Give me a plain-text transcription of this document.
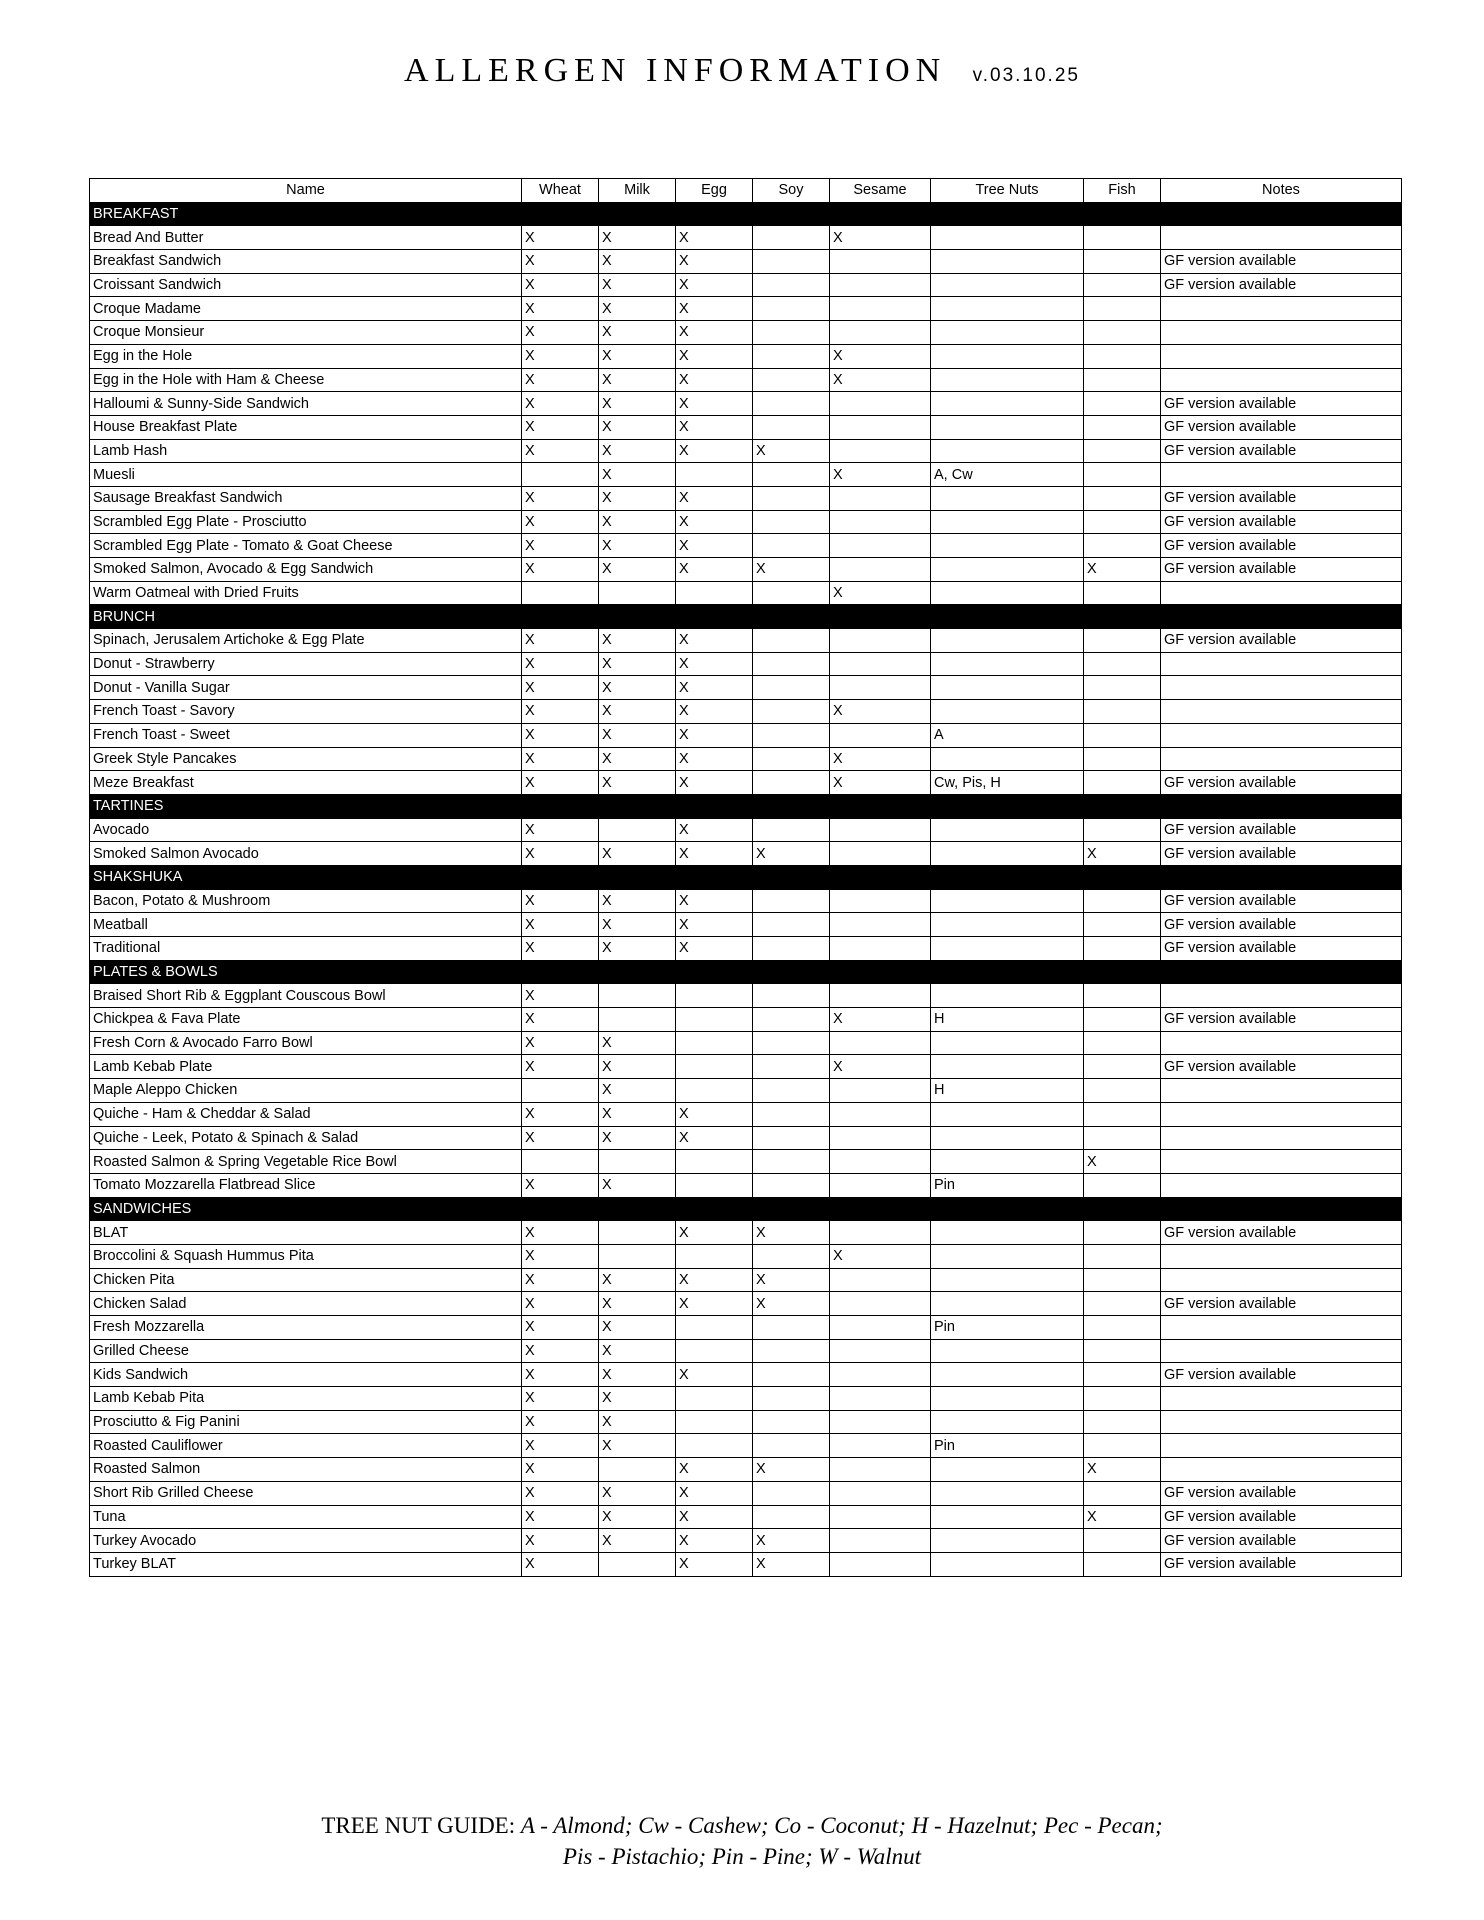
ALLERGEN INFORMATION v.03.10.25
Name	Wheat	Milk	Egg	Soy	Sesame	Tree Nuts	Fish	Notes
BREAKFAST								
Bread And Butter	X	X	X		X			
Breakfast Sandwich	X	X	X					GF version available
Croissant Sandwich	X	X	X					GF version available
Croque Madame	X	X	X					
Croque Monsieur	X	X	X					
Egg in the Hole	X	X	X		X			
Egg in the Hole with Ham & Cheese	X	X	X		X			
Halloumi & Sunny-Side Sandwich	X	X	X					GF version available
House Breakfast Plate	X	X	X					GF version available
Lamb Hash	X	X	X	X				GF version available
Muesli		X			X	A, Cw		
Sausage Breakfast Sandwich	X	X	X					GF version available
Scrambled Egg Plate - Prosciutto	X	X	X					GF version available
Scrambled Egg Plate - Tomato & Goat Cheese	X	X	X					GF version available
Smoked Salmon, Avocado & Egg Sandwich	X	X	X	X			X	GF version available
Warm Oatmeal with Dried Fruits					X			
BRUNCH								
Spinach, Jerusalem Artichoke & Egg Plate	X	X	X					GF version available
Donut - Strawberry	X	X	X					
Donut - Vanilla Sugar	X	X	X					
French Toast - Savory	X	X	X		X			
French Toast - Sweet	X	X	X			A		
Greek Style Pancakes	X	X	X		X			
Meze Breakfast	X	X	X		X	Cw, Pis, H		GF version available
TARTINES								
Avocado	X		X					GF version available
Smoked Salmon Avocado	X	X	X	X			X	GF version available
SHAKSHUKA								
Bacon, Potato & Mushroom	X	X	X					GF version available
Meatball	X	X	X					GF version available
Traditional	X	X	X					GF version available
PLATES & BOWLS								
Braised Short Rib & Eggplant Couscous Bowl	X							
Chickpea & Fava Plate	X				X	H		GF version available
Fresh Corn & Avocado Farro Bowl	X	X						
Lamb Kebab Plate	X	X			X			GF version available
Maple Aleppo Chicken		X				H		
Quiche - Ham & Cheddar & Salad	X	X	X					
Quiche - Leek, Potato & Spinach & Salad	X	X	X					
Roasted Salmon & Spring Vegetable Rice Bowl							X	
Tomato Mozzarella Flatbread Slice	X	X				Pin		
SANDWICHES								
BLAT	X		X	X				GF version available
Broccolini & Squash Hummus Pita	X				X			
Chicken Pita	X	X	X	X				
Chicken Salad	X	X	X	X				GF version available
Fresh Mozzarella	X	X				Pin		
Grilled Cheese	X	X						
Kids Sandwich	X	X	X					GF version available
Lamb Kebab Pita	X	X						
Prosciutto & Fig Panini	X	X						
Roasted Cauliflower	X	X				Pin		
Roasted Salmon	X		X	X			X	
Short Rib Grilled Cheese	X	X	X					GF version available
Tuna	X	X	X				X	GF version available
Turkey Avocado	X	X	X	X				GF version available
Turkey BLAT	X		X	X				GF version available
TREE NUT GUIDE: A - Almond; Cw - Cashew; Co - Coconut; H - Hazelnut; Pec - Pecan;
Pis - Pistachio; Pin - Pine; W - Walnut
